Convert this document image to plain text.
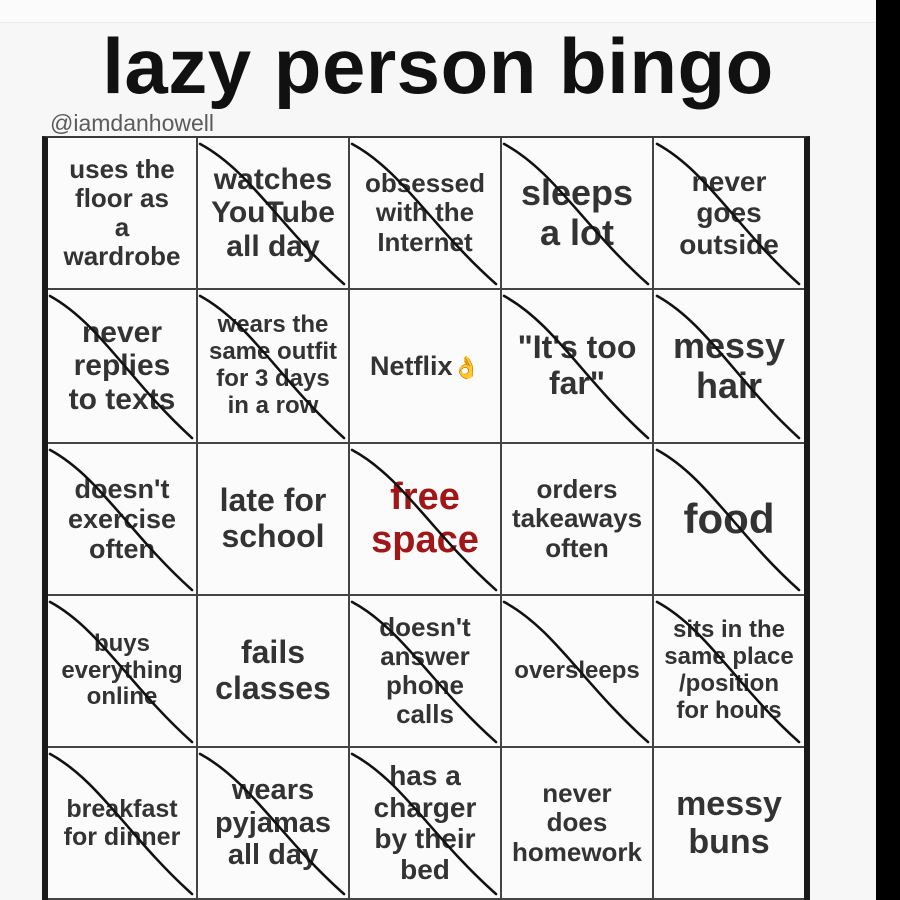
lazy person bingo
@iamdanhowell
uses the
floor as
a
wardrobe
watches
YouTube
all day
obsessed
with the
Internet
sleeps
a lot
never
goes
outside
never
replies
to texts
wears the
same outfit
for 3 days
in a row
Netflix👌
"It's too
far"
messy
hair
doesn't
exercise
often
late for
school
free
space
orders
takeaways
often
food
buys
everything
online
fails
classes
doesn't
answer
phone
calls
oversleeps
sits in the
same place
/position
for hours
breakfast
for dinner
wears
pyjamas
all day
has a
charger
by their
bed
never
does
homework
messy
buns
